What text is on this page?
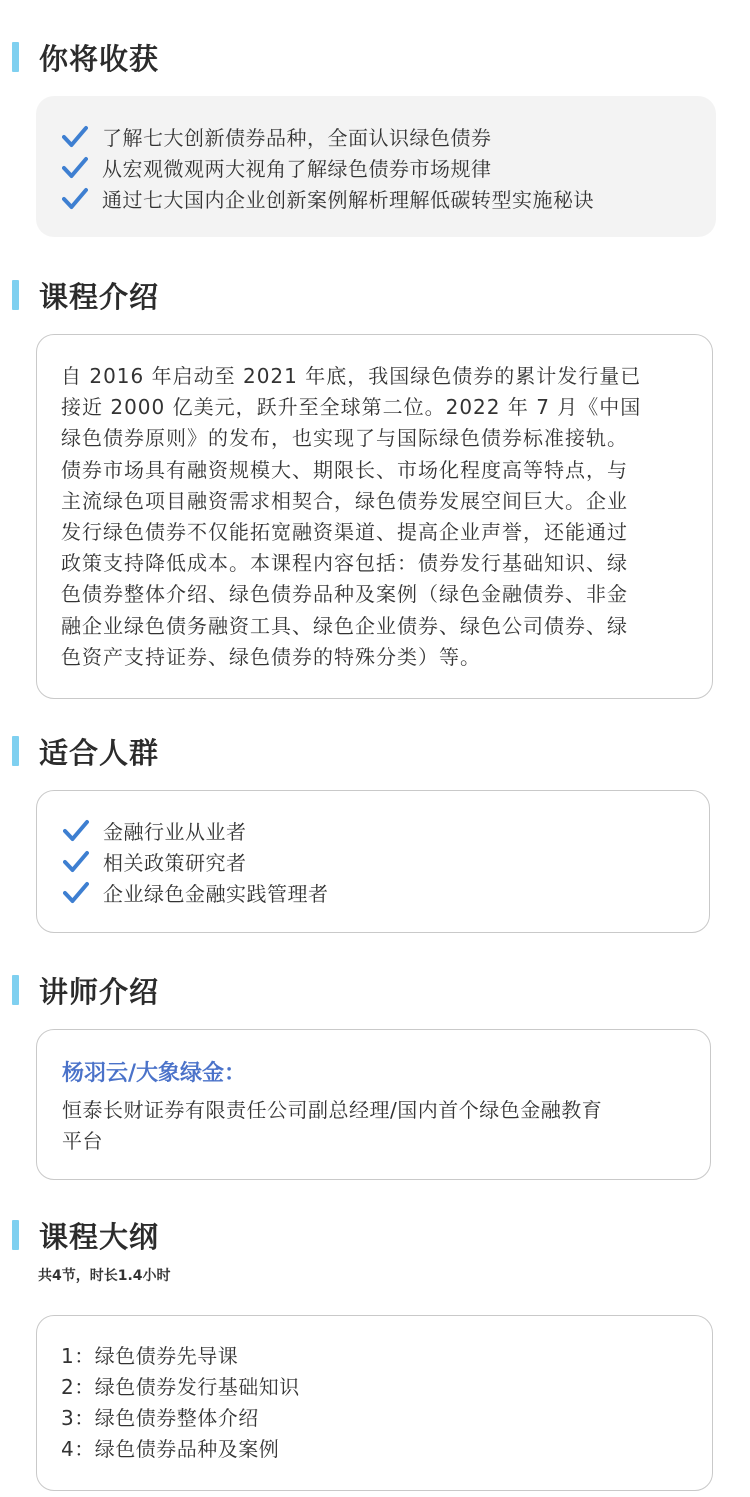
你将收获
了解七大创新债券品种，全面认识绿色债券
从宏观微观两大视角了解绿色债券市场规律
通过七大国内企业创新案例解析理解低碳转型实施秘诀
课程介绍
自 2016 年启动至 2021 年底，我国绿色债券的累计发行量已
接近 2000 亿美元，跃升至全球第二位。2022 年 7 月《中国
绿色债券原则》的发布，也实现了与国际绿色债券标准接轨。
债券市场具有融资规模大、期限长、市场化程度高等特点，与
主流绿色项目融资需求相契合，绿色债券发展空间巨大。企业
发行绿色债券不仅能拓宽融资渠道、提高企业声誉，还能通过
政策支持降低成本。本课程内容包括：债券发行基础知识、绿
色债券整体介绍、绿色债券品种及案例（绿色金融债券、非金
融企业绿色债务融资工具、绿色企业债券、绿色公司债券、绿
色资产支持证券、绿色债券的特殊分类）等。
适合人群
金融行业从业者
相关政策研究者
企业绿色金融实践管理者
讲师介绍
杨羽云/大象绿金：
恒泰长财证券有限责任公司副总经理/国内首个绿色金融教育
平台
课程大纲
共4节，时长1.4小时
1：绿色债券先导课
2：绿色债券发行基础知识
3：绿色债券整体介绍
4：绿色债券品种及案例
